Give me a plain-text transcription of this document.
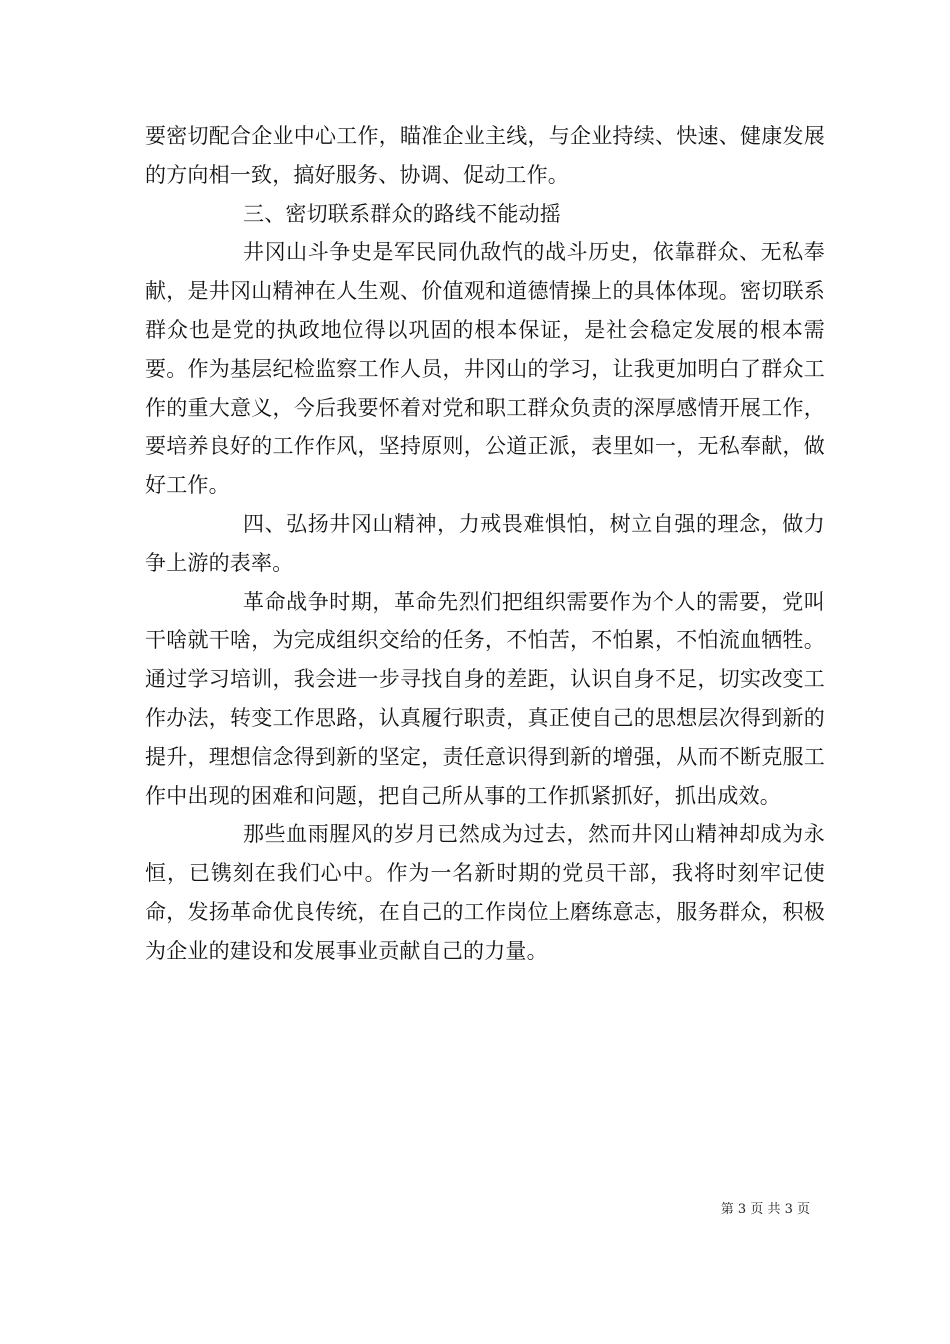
要密切配合企业中心工作，瞄准企业主线，与企业持续、快速、健康发展的方向相一致，搞好服务、协调、促动工作。

三、密切联系群众的路线不能动摇

井冈山斗争史是军民同仇敌忾的战斗历史，依靠群众、无私奉献，是井冈山精神在人生观、价值观和道德情操上的具体体现。密切联系群众也是党的执政地位得以巩固的根本保证，是社会稳定发展的根本需要。作为基层纪检监察工作人员，井冈山的学习，让我更加明白了群众工作的重大意义，今后我要怀着对党和职工群众负责的深厚感情开展工作，要培养良好的工作作风，坚持原则，公道正派，表里如一，无私奉献，做好工作。

四、弘扬井冈山精神，力戒畏难惧怕，树立自强的理念，做力争上游的表率。

革命战争时期，革命先烈们把组织需要作为个人的需要，党叫干啥就干啥，为完成组织交给的任务，不怕苦，不怕累，不怕流血牺牲。通过学习培训，我会进一步寻找自身的差距，认识自身不足，切实改变工作办法，转变工作思路，认真履行职责，真正使自己的思想层次得到新的提升，理想信念得到新的坚定，责任意识得到新的增强，从而不断克服工作中出现的困难和问题，把自己所从事的工作抓紧抓好，抓出成效。

那些血雨腥风的岁月已然成为过去，然而井冈山精神却成为永恒，已镌刻在我们心中。作为一名新时期的党员干部，我将时刻牢记使命，发扬革命优良传统，在自己的工作岗位上磨练意志，服务群众，积极为企业的建设和发展事业贡献自己的力量。

第 3 页 共 3 页
